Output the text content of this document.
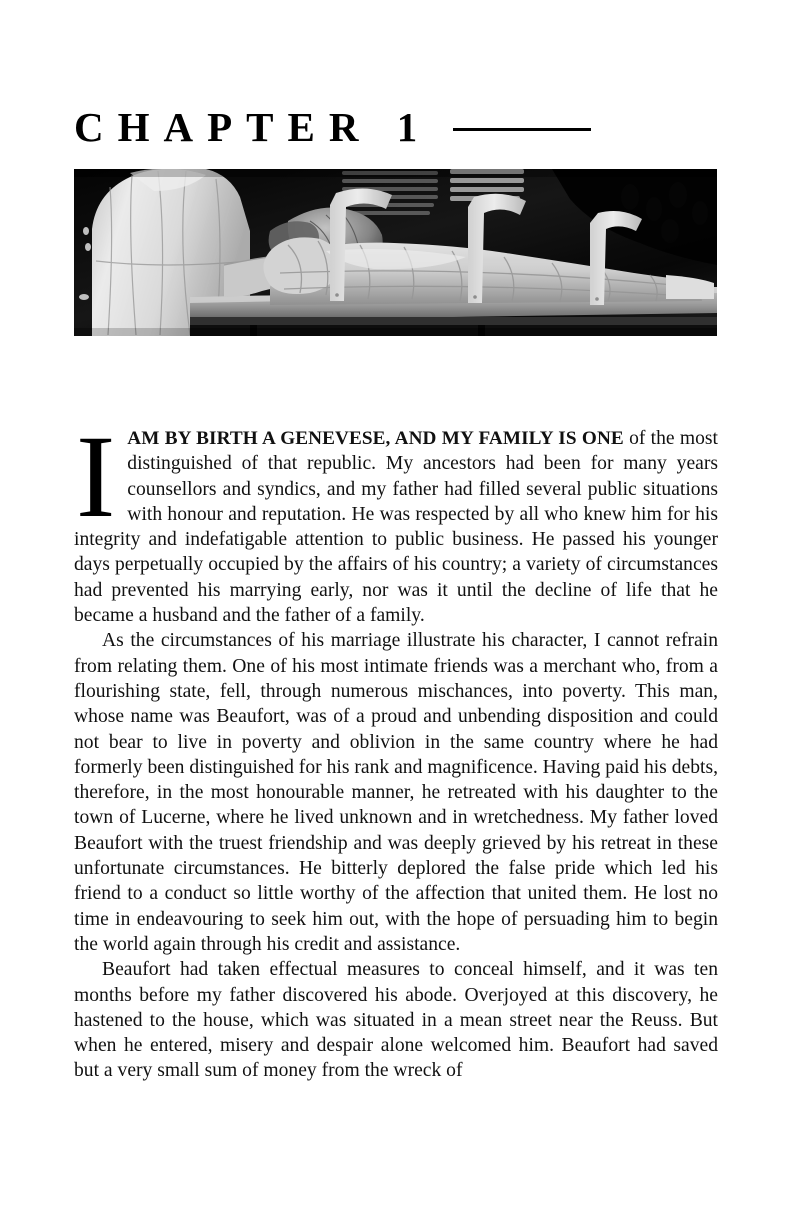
CHAPTER 1

IAM BY BIRTH A GENEVESE, AND MY FAMILY IS ONE of the most distinguished of that republic. My ancestors had been for many years counsellors and syndics, and my father had filled several public situations with honour and reputation. He was respected by all who knew him for his integrity and indefatigable attention to public business. He passed his younger days perpetually occupied by the affairs of his country; a variety of circumstances had prevented his marrying early, nor was it until the decline of life that he became a husband and the father of a family.

As the circumstances of his marriage illustrate his character, I cannot refrain from relating them. One of his most intimate friends was a merchant who, from a flourishing state, fell, through numerous mischances, into poverty. This man, whose name was Beaufort, was of a proud and unbending disposition and could not bear to live in poverty and oblivion in the same country where he had formerly been distinguished for his rank and magnificence. Having paid his debts, therefore, in the most honourable manner, he retreated with his daughter to the town of Lucerne, where he lived unknown and in wretchedness. My father loved Beaufort with the truest friendship and was deeply grieved by his retreat in these unfortunate circumstances. He bitterly deplored the false pride which led his friend to a conduct so little worthy of the affection that united them. He lost no time in endeavouring to seek him out, with the hope of persuading him to begin the world again through his credit and assistance.

Beaufort had taken effectual measures to conceal himself, and it was ten months before my father discovered his abode. Overjoyed at this discovery, he hastened to the house, which was situated in a mean street near the Reuss. But when he entered, misery and despair alone welcomed him. Beaufort had saved but a very small sum of money from the wreck of
